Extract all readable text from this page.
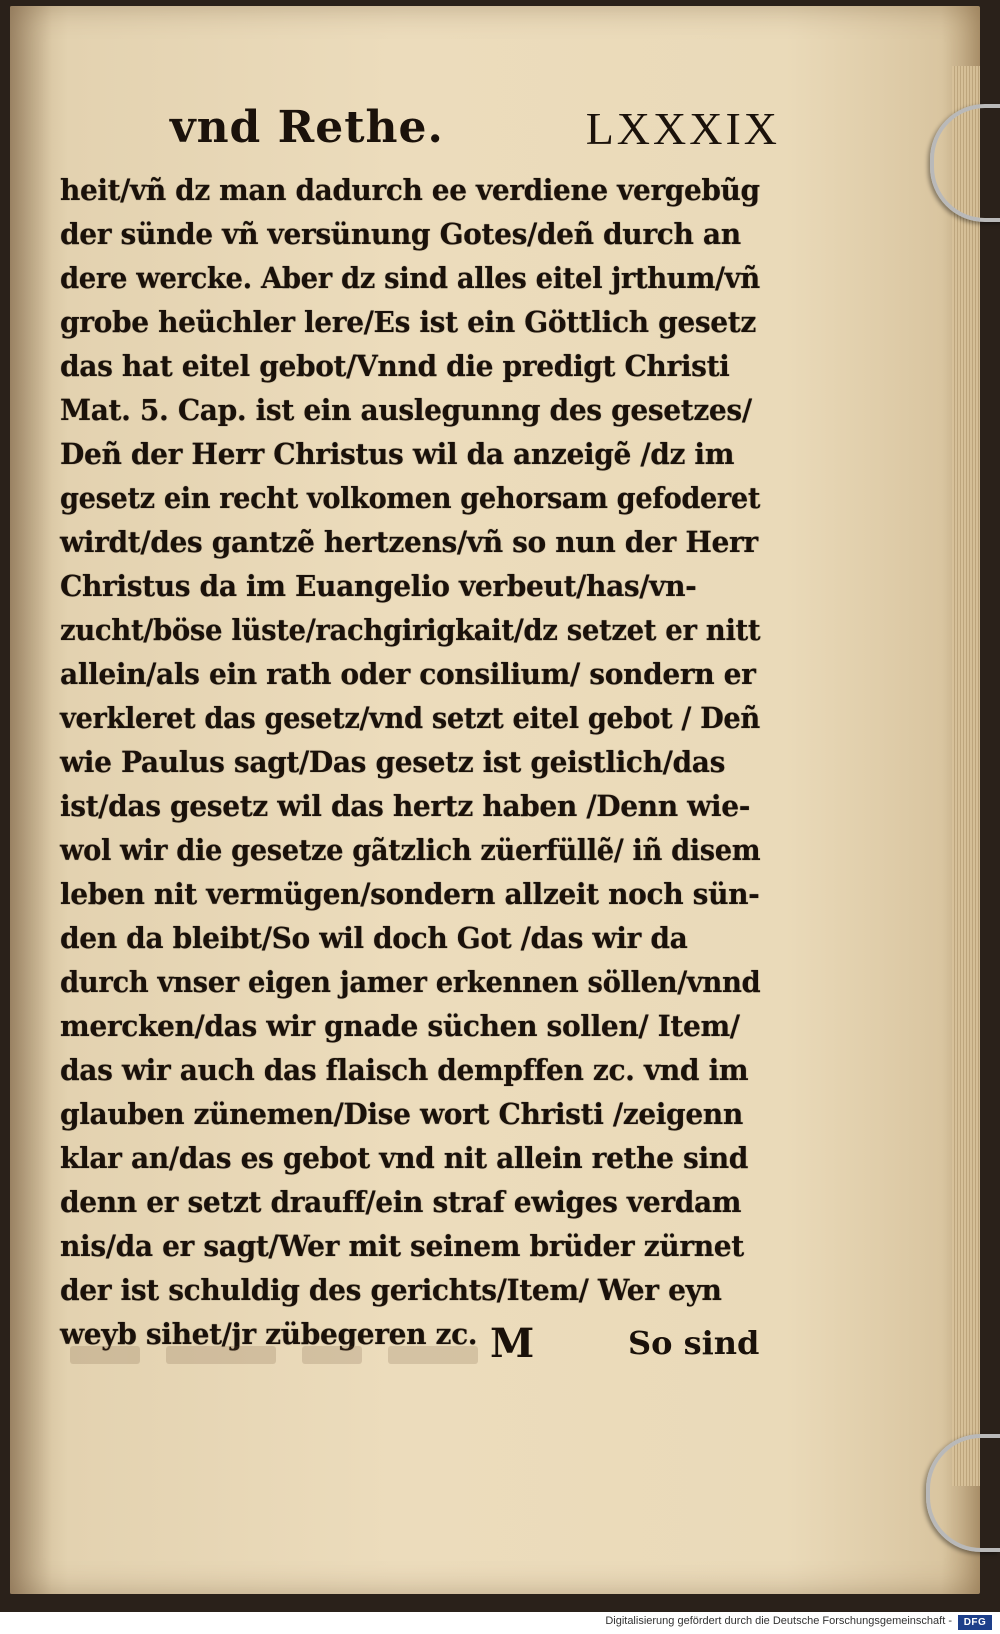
vnd Rethe.	LXXXIX
heit/vñ dz man dadurch ee verdiene vergebũg
der sünde vñ versünung Gotes/deñ durch an
dere wercke. Aber dz sind alles eitel jrthum/vñ
grobe heüchler lere/Es ist ein Göttlich gesetz
das hat eitel gebot/Vnnd die predigt Christi
Mat. 5. Cap. ist ein auslegunng des gesetzes/
Deñ der Herr Christus wil da anzeigẽ /dz im
gesetz ein recht volkomen gehorsam gefoderet
wirdt/des gantzẽ hertzens/vñ so nun der Herr
Christus da im Euangelio verbeut/has/vn-
zucht/böse lüste/rachgirigkait/dz setzet er nitt
allein/als ein rath oder consilium/ sondern er
verkleret das gesetz/vnd setzt eitel gebot / Deñ
wie Paulus sagt/Das gesetz ist geistlich/das
ist/das gesetz wil das hertz haben /Denn wie-
wol wir die gesetze gãtzlich züerfüllẽ/ iñ disem
leben nit vermügen/sondern allzeit noch sün-
den da bleibt/So wil doch Got /das wir da
durch vnser eigen jamer erkennen söllen/vnnd
mercken/das wir gnade süchen sollen/ Item/
das wir auch das flaisch dempffen zc. vnd im
glauben zünemen/Dise wort Christi /zeigenn
klar an/das es gebot vnd nit allein rethe sind
denn er setzt drauff/ein straf ewiges verdam
nis/da er sagt/Wer mit seinem brüder zürnet
der ist schuldig des gerichts/Item/ Wer eyn
weyb sihet/jr zübegeren zc. M	So sind
Digitalisierung gefördert durch die Deutsche Forschungsgemeinschaft -	DFG
